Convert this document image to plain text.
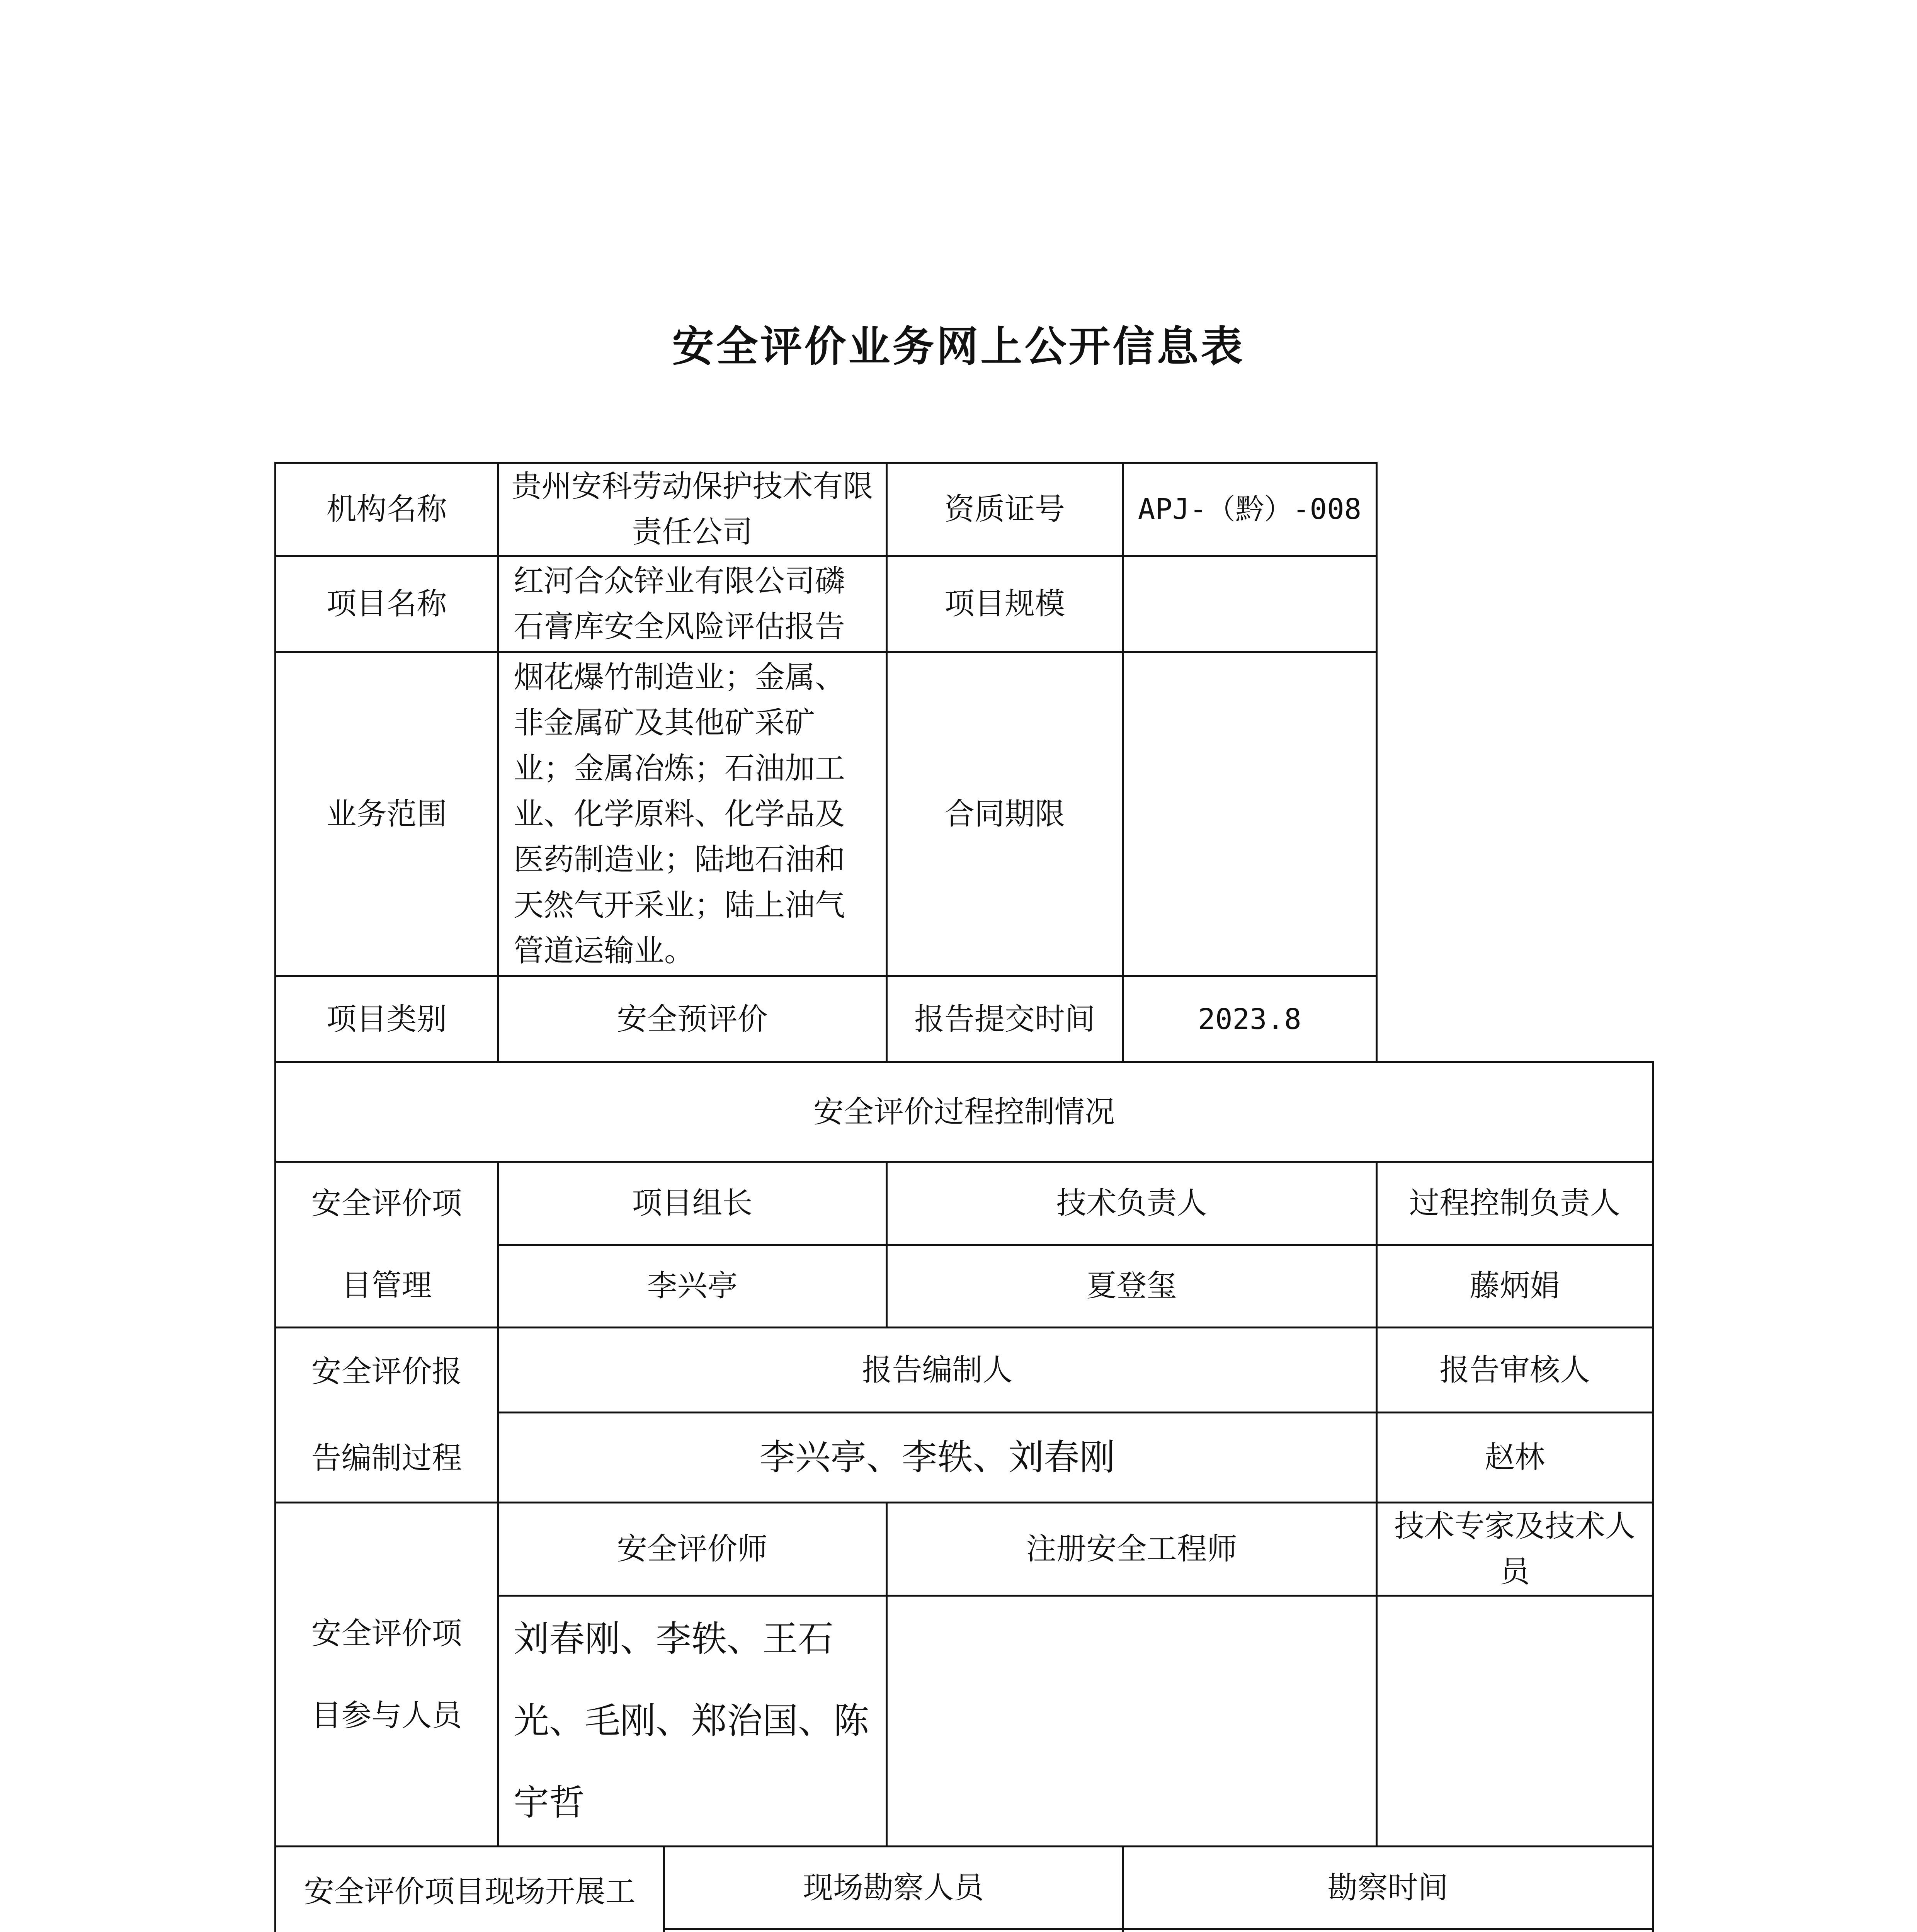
安全评价业务网上公开信息表
机构名称	贵州安科劳动保护技术有限责任公司		资质证号	APJ-（黔）-008	
项目名称	红河合众锌业有限公司磷石膏库安全风险评估报告		项目规模		
业务范围	烟花爆竹制造业；金属、非金属矿及其他矿采矿业；金属冶炼；石油加工业、化学原料、化学品及医药制造业；陆地石油和天然气开采业；陆上油气管道运输业。		合同期限		
项目类别	安全预评价		报告提交时间	2023.8	
安全评价过程控制情况					
安全评价项目管理	项目组长		技术负责人		过程控制负责人
	李兴亭		夏登玺		藤炳娟
安全评价报告编制过程	报告编制人				报告审核人
	李兴亭、李轶、刘春刚				赵林
安全评价项目参与人员	安全评价师		注册安全工程师		技术专家及技术人员
	刘春刚、李轶、王石光、毛刚、郑治国、陈宇哲				
安全评价项目现场开展工		现场勘察人员		勘察时间	
